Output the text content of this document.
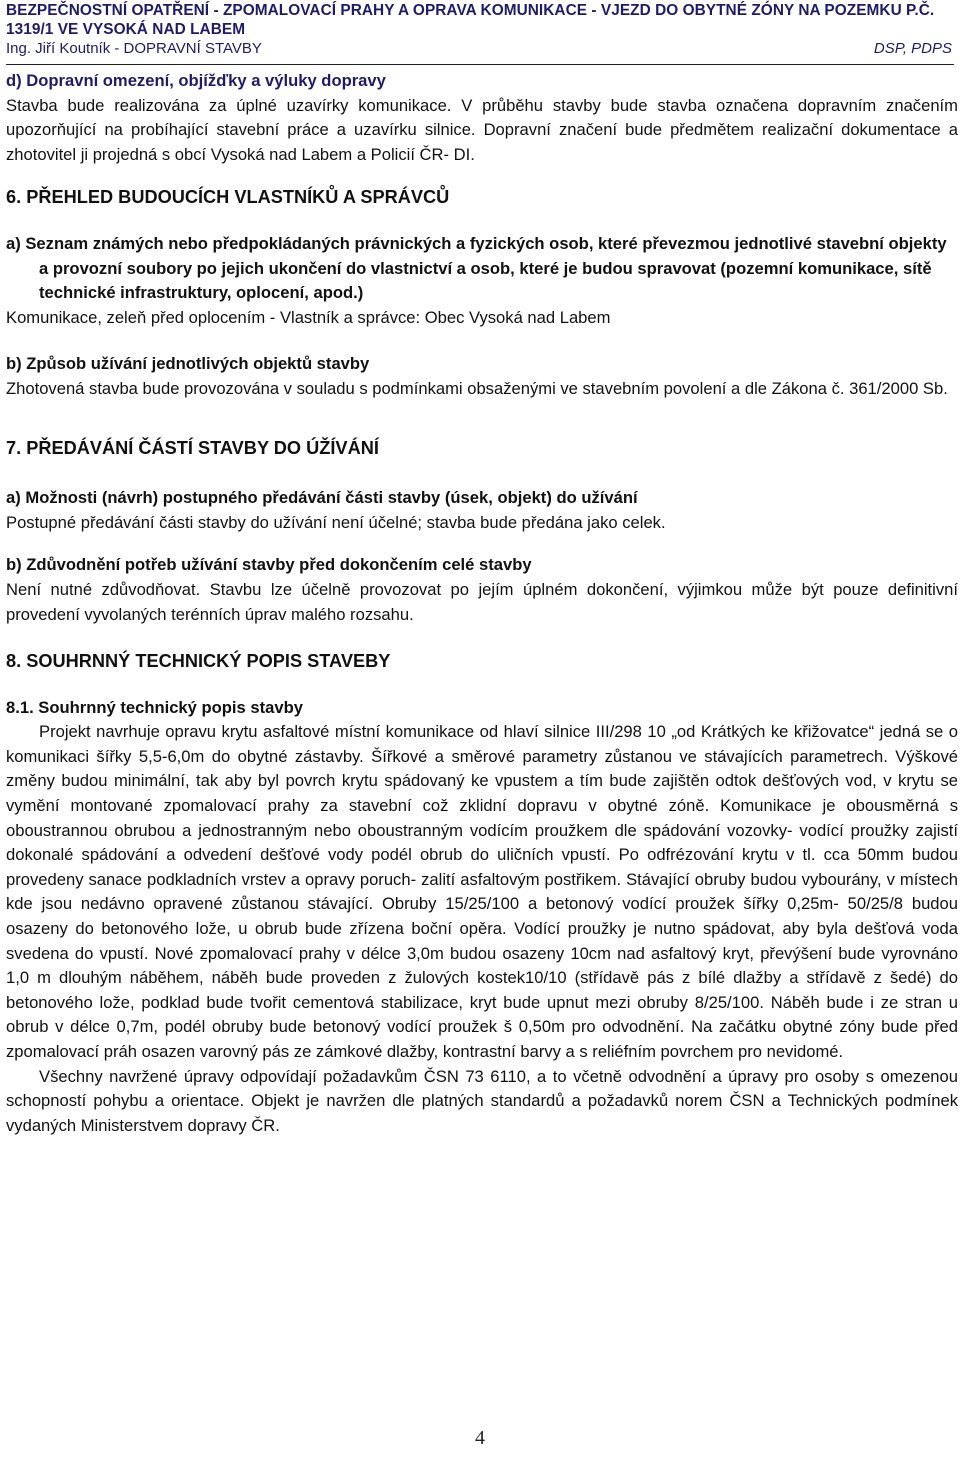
BEZPEČNOSTNÍ OPATŘENÍ - ZPOMALOVACÍ PRAHY A OPRAVA KOMUNIKACE - VJEZD DO OBYTNÉ ZÓNY NA POZEMKU P.Č. 1319/1 VE VYSOKÁ NAD LABEM
Ing. Jiří Koutník - DOPRAVNÍ STAVBY	DSP, PDPS

d) Dopravní omezení, objížďky a výluky dopravy

Stavba bude realizována za úplné uzavírky komunikace. V průběhu stavby bude stavba označena dopravním značením upozorňující na probíhající stavební práce a uzavírku silnice. Dopravní značení bude předmětem realizační dokumentace a zhotovitel ji projedná s obcí Vysoká nad Labem a Policií ČR- DI.

6. PŘEHLED BUDOUCÍCH VLASTNÍKŮ A SPRÁVCŮ

a) Seznam známých nebo předpokládaných právnických a fyzických osob, které převezmou jednotlivé stavební objekty a provozní soubory po jejich ukončení do vlastnictví a osob, které je budou spravovat (pozemní komunikace, sítě technické infrastruktury, oplocení, apod.)

Komunikace, zeleň před oplocením - Vlastník a správce: Obec Vysoká nad Labem

b) Způsob užívání jednotlivých objektů stavby

Zhotovená stavba bude provozována v souladu s podmínkami obsaženými ve stavebním povolení a dle Zákona č. 361/2000 Sb.

7. PŘEDÁVÁNÍ ČÁSTÍ STAVBY DO ÚŽÍVÁNÍ

a) Možnosti (návrh) postupného předávání části stavby (úsek, objekt) do užívání

Postupné předávání části stavby do užívání není účelné; stavba bude předána jako celek.

b) Zdůvodnění potřeb užívání stavby před dokončením celé stavby

Není nutné zdůvodňovat. Stavbu lze účelně provozovat po jejím úplném dokončení, výjimkou může být pouze definitivní provedení vyvolaných terénních úprav malého rozsahu.

8. SOUHRNNÝ TECHNICKÝ POPIS STAVEBY

8.1. Souhrnný technický popis stavby

Projekt navrhuje opravu krytu asfaltové místní komunikace od hlaví silnice III/298 10 „od Krátkých ke křižovatce“ jedná se o komunikaci šířky 5,5-6,0m do obytné zástavby. Šířkové a směrové parametry zůstanou ve stávajících parametrech. Výškové změny budou minimální, tak aby byl povrch krytu spádovaný ke vpustem a tím bude zajištěn odtok dešťových vod, v krytu se vymění montované zpomalovací prahy za stavební což zklidní dopravu v obytné zóně. Komunikace je obousměrná s oboustrannou obrubou a jednostranným nebo oboustranným vodícím proužkem dle spádování vozovky- vodící proužky zajistí dokonalé spádování a odvedení dešťové vody podél obrub do uličních vpustí. Po odfrézování krytu v tl. cca 50mm budou provedeny sanace podkladních vrstev a opravy poruch- zalití asfaltovým postřikem. Stávající obruby budou vybourány, v místech kde jsou nedávno opravené zůstanou stávající. Obruby 15/25/100 a betonový vodící proužek šířky 0,25m- 50/25/8 budou osazeny do betonového lože, u obrub bude zřízena boční opěra. Vodící proužky je nutno spádovat, aby byla dešťová voda svedena do vpustí. Nové zpomalovací prahy v délce 3,0m budou osazeny 10cm nad asfaltový kryt, převýšení bude vyrovnáno 1,0 m dlouhým náběhem, náběh bude proveden z žulových kostek10/10 (střídavě pás z bílé dlažby a střídavě z šedé) do betonového lože, podklad bude tvořit cementová stabilizace, kryt bude upnut mezi obruby 8/25/100. Náběh bude i ze stran u obrub v délce 0,7m, podél obruby bude betonový vodící proužek š 0,50m pro odvodnění. Na začátku obytné zóny bude před zpomalovací práh osazen varovný pás ze zámkové dlažby, kontrastní barvy a s reliéfním povrchem pro nevidomé.

Všechny navržené úpravy odpovídají požadavkům ČSN 73 6110, a to včetně odvodnění a úpravy pro osoby s omezenou schopností pohybu a orientace. Objekt je navržen dle platných standardů a požadavků norem ČSN a Technických podmínek vydaných Ministerstvem dopravy ČR.

4
